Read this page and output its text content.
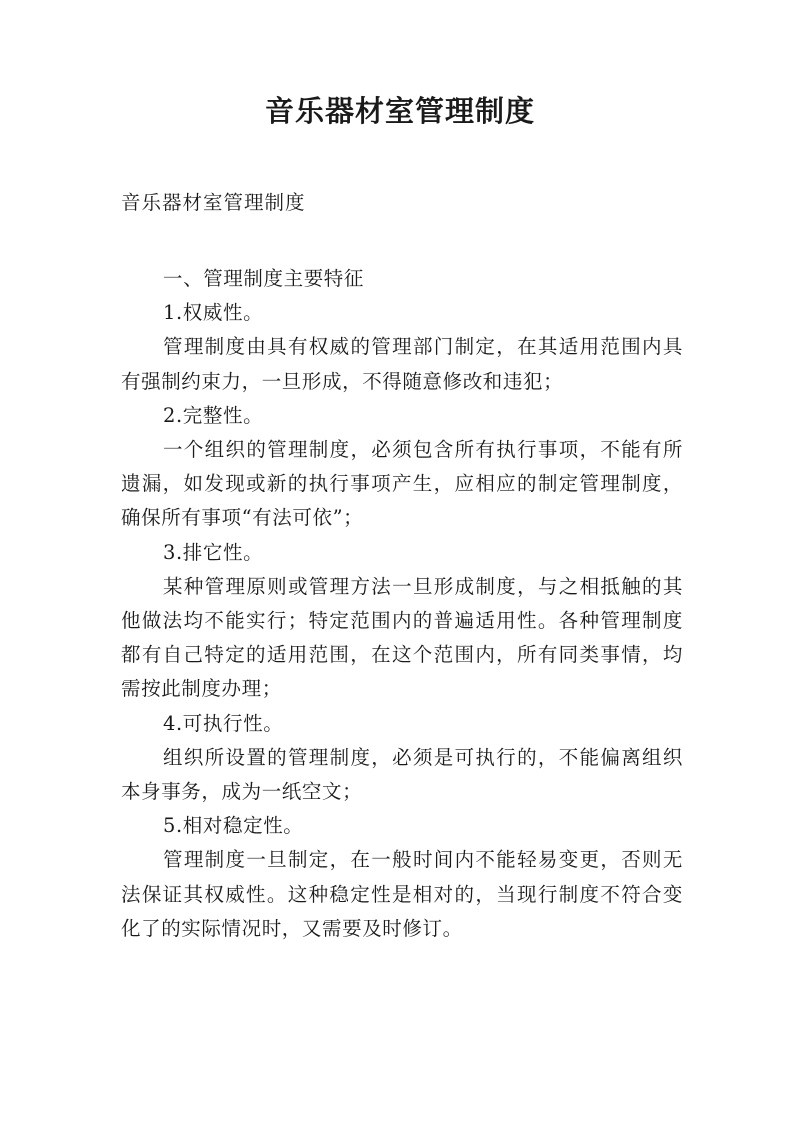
音乐器材室管理制度
音乐器材室管理制度

一、管理制度主要特征

1.权威性。

管理制度由具有权威的管理部门制定，在其适用范围内具有强制约束力，一旦形成，不得随意修改和违犯；

2.完整性。

一个组织的管理制度，必须包含所有执行事项，不能有所遗漏，如发现或新的执行事项产生，应相应的制定管理制度，确保所有事项“有法可依”；

3.排它性。

某种管理原则或管理方法一旦形成制度，与之相抵触的其他做法均不能实行；特定范围内的普遍适用性。各种管理制度都有自己特定的适用范围，在这个范围内，所有同类事情，均需按此制度办理；

4.可执行性。

组织所设置的管理制度，必须是可执行的，不能偏离组织本身事务，成为一纸空文；

5.相对稳定性。

管理制度一旦制定，在一般时间内不能轻易变更，否则无法保证其权威性。这种稳定性是相对的，当现行制度不符合变化了的实际情况时，又需要及时修订。
